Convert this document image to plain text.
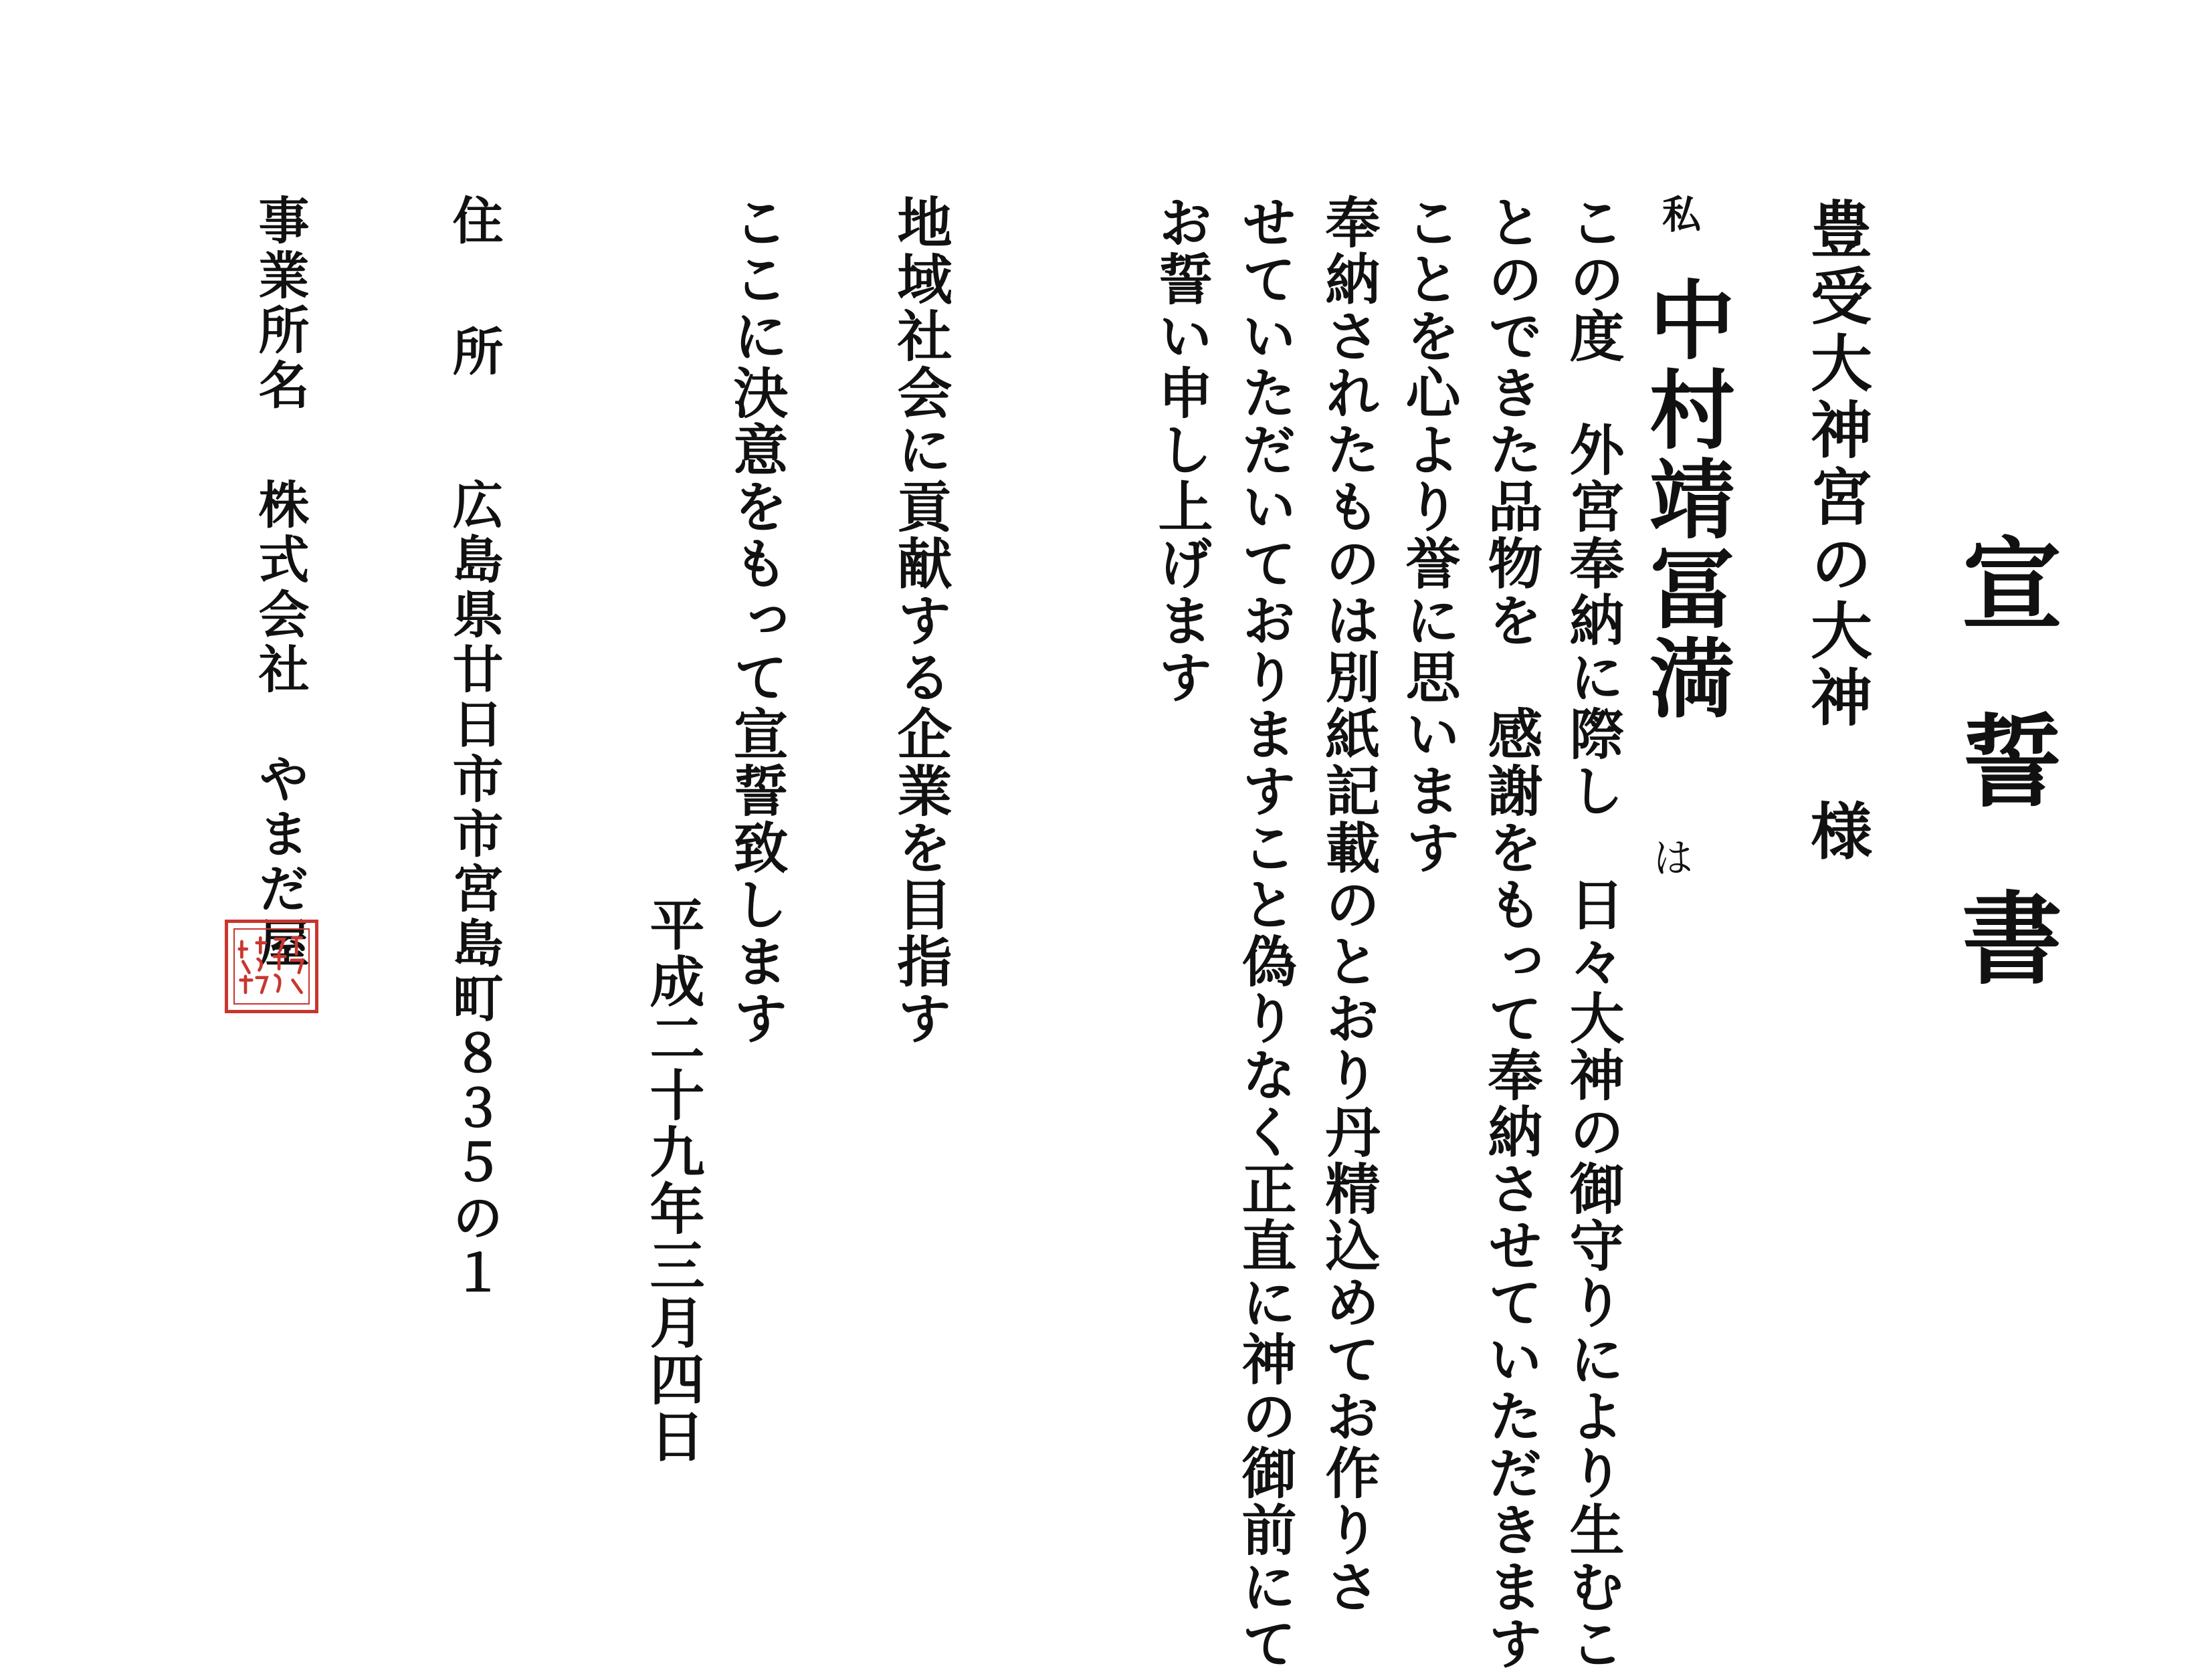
宣誓書
豊受大神宮の大神　様
私
中村靖冨満
は
この度　外宮奉納に際し　日々大神の御守りにより生むこ
とのできた品物を　感謝をもって奉納させていただきます
ことを心より誉に思います
奉納されたものは別紙記載のとおり丹精込めてお作りさ
せていただいておりますこと偽りなく正直に神の御前にて
お誓い申し上げます
地域社会に貢献する企業を目指す
ここに決意をもって宣誓致します
平成二十九年三月四日
住所
広島県廿日市市宮島町８３５の１
事業所名
株式会社　やまだ屋
